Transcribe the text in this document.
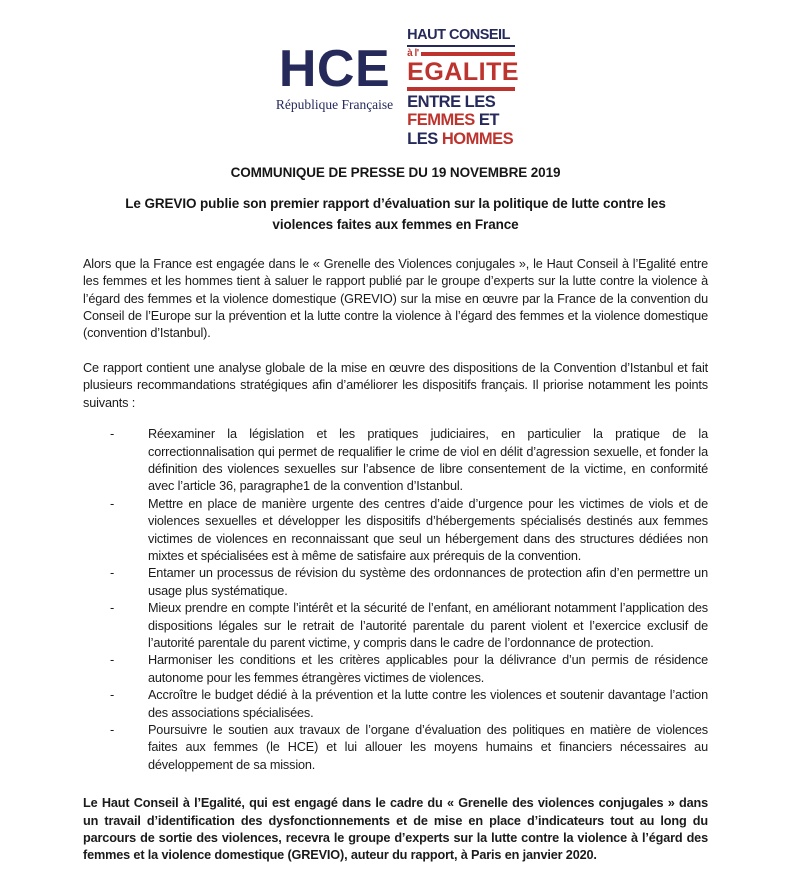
HCE
République Française
HAUT CONSEIL
à l'
EGALITE
ENTRE LES
FEMMES ET
LES HOMMES
COMMUNIQUE DE PRESSE DU 19 NOVEMBRE 2019
Le GREVIO publie son premier rapport d’évaluation sur la politique de lutte contre les violences faites aux femmes en France

Alors que la France est engagée dans le « Grenelle des Violences conjugales », le Haut Conseil à l’Egalité entre les femmes et les hommes tient à saluer le rapport publié par le groupe d’experts sur la lutte contre la violence à l’égard des femmes et la violence domestique (GREVIO) sur la mise en œuvre par la France de la convention du Conseil de l’Europe sur la prévention et la lutte contre la violence à l’égard des femmes et la violence domestique (convention d’Istanbul).

Ce rapport contient une analyse globale de la mise en œuvre des dispositions de la Convention d’Istanbul et fait plusieurs recommandations stratégiques afin d’améliorer les dispositifs français. Il priorise notamment les points suivants :

-	Réexaminer la législation et les pratiques judiciaires, en particulier la pratique de la correctionnalisation qui permet de requalifier le crime de viol en délit d’agression sexuelle, et fonder la définition des violences sexuelles sur l’absence de libre consentement de la victime, en conformité avec l’article 36, paragraphe1 de la convention d’Istanbul.
-	Mettre en place de manière urgente des centres d’aide d’urgence pour les victimes de viols et de violences sexuelles et développer les dispositifs d’hébergements spécialisés destinés aux femmes victimes de violences en reconnaissant que seul un hébergement dans des structures dédiées non mixtes et spécialisées est à même de satisfaire aux prérequis de la convention.
-	Entamer un processus de révision du système des ordonnances de protection afin d’en permettre un usage plus systématique.
-	Mieux prendre en compte l’intérêt et la sécurité de l’enfant, en améliorant notamment l’application des dispositions légales sur le retrait de l’autorité parentale du parent violent et l’exercice exclusif de l’autorité parentale du parent victime, y compris dans le cadre de l’ordonnance de protection.
-	Harmoniser les conditions et les critères applicables pour la délivrance d’un permis de résidence autonome pour les femmes étrangères victimes de violences.
-	Accroître le budget dédié à la prévention et la lutte contre les violences et soutenir davantage l’action des associations spécialisées.
-	Poursuivre le soutien aux travaux de l’organe d’évaluation des politiques en matière de violences faites aux femmes (le HCE) et lui allouer les moyens humains et financiers nécessaires au développement de sa mission.

Le Haut Conseil à l’Egalité, qui est engagé dans le cadre du « Grenelle des violences conjugales » dans un travail d’identification des dysfonctionnements et de mise en place d’indicateurs tout au long du parcours de sortie des violences, recevra le groupe d’experts sur la lutte contre la violence à l’égard des femmes et la violence domestique (GREVIO), auteur du rapport, à Paris en janvier 2020.
